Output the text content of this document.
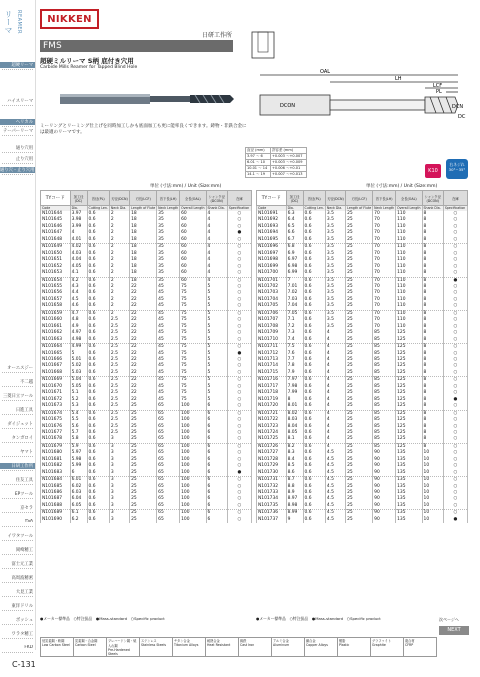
リーマ REAMER
超硬リーマ
ハイスリーマ
ヘリカル
テーパーリーマ
通り穴用
止り穴用
通り穴・止り穴用
オーエスジー
不二越
三菱日立ツール
日進工具
ダイジェット
タンガロイ
ヤマト
日研工作所
住友工具
EPツール
京セラ
YSA
イワタツール
岡崎精工
富士元工業
高周波精密
大見工業
東洋ドリル
ボッシュ
ワラタ精工
FKD
NIKKEN
日研工作所
FMS
超硬ミルリーマ S柄 底付き穴用
Carbide Mills Reamer for Tapped Blind Hole
OAL
LH
LCF
PL
DCON	DCN
DC
ミーリングとリーミング仕上げを同時加工しかも底面加工も更に能率良くできます。鋳物・非鉄合金には最適のリーマです。
直径 (mm)	許容差 (mm)
3.97 ～ 6	+0.003 ～+0.007
6.01 ～ 10	+0.003 ～+0.009
10.01 ～ 14	+0.006 ～+0.01
14.1 ～ 19	+0.007 ～+0.013	K10
右ネジれ
30°~35°
単位 (寸法:mm) / Unit (Size:mm)	単位 (寸法:mm) / Unit (Size:mm)
TYコード	加工径(DC)	首径(PL)	刃径(DCN)	刃長(LCF)	首下長(LH)	全長(OAL)	シャンク径(DCON)	在庫
Code	Dia.	Cutting Len.	Neck Dia.	Length of Flute	Neck Length	Overall Length	Shank Dia.	Specification
N101644	3.97	0.6	2	18	35	60	4	○
N101645	3.98	0.6	2	18	35	60	4	○
N101646	3.99	0.6	2	18	35	60	4	○
N101647	4	0.6	2	18	35	60	4	●
N101648	4.01	0.6	2	18	35	60	4	○
N101649	4.02	0.6	2	18	35	60	4	○
N101650	4.03	0.6	2	18	35	60	4	○
N101651	4.04	0.6	2	18	35	60	4	○
N101652	4.05	0.6	2	18	35	60	4	○
N101653	4.1	0.6	2	18	35	60	4	○
N101654	4.2	0.6	2	18	35	60	4	○
N101655	4.3	0.6	2	22	45	75	5	○
N101656	4.4	0.6	2	22	45	75	5	○
N101657	4.5	0.6	2	22	45	75	5	○
N101658	4.6	0.6	2	22	45	75	5	○
N101659	4.7	0.6	2	22	45	75	5	○
N101660	4.8	0.6	2.5	22	45	75	5	○
N101661	4.9	0.6	2.5	22	45	75	5	○
N101662	4.97	0.6	2.5	22	45	75	5	○
N101663	4.98	0.6	2.5	22	45	75	5	○
N101664	4.99	0.6	2.5	22	45	75	5	○
N101665	5	0.6	2.5	22	45	75	5	●
N101666	5.01	0.6	2.5	22	45	75	5	○
N101667	5.02	0.6	2.5	22	45	75	5	○
N101668	5.03	0.6	2.5	22	45	75	5	○
N101669	5.04	0.6	2.5	22	45	75	5	○
N101670	5.05	0.6	2.5	22	45	75	5	○
N101671	5.1	0.6	2.5	22	45	75	5	○
N101672	5.2	0.6	2.5	22	45	75	5	○
N101673	5.3	0.6	2.5	25	65	100	6	○
N101674	5.4	0.6	2.5	25	65	100	6	○
N101675	5.5	0.6	2.5	25	65	100	6	○
N101676	5.6	0.6	2.5	25	65	100	6	○
N101677	5.7	0.6	2.5	25	65	100	6	○
N101678	5.8	0.6	3	25	65	100	6	○
N101679	5.9	0.6	3	25	65	100	6	○
N101680	5.97	0.6	3	25	65	100	6	○
N101681	5.98	0.6	3	25	65	100	6	○
N101682	5.99	0.6	3	25	65	100	6	○
N101683	6	0.6	3	25	65	100	6	●
N101684	6.01	0.6	3	25	65	100	6	○
N101685	6.02	0.6	3	25	65	100	6	○
N101686	6.03	0.6	3	25	65	100	6	○
N101687	6.04	0.6	3	25	65	100	6	○
N101688	6.05	0.6	3	25	65	100	6	○
N101689	6.1	0.6	3	25	65	100	6	○
N101690	6.2	0.6	3	25	65	100	6	○
TYコード	加工径(DC)	首径(PL)	刃径(DCN)	刃長(LCF)	首下長(LH)	全長(OAL)	シャンク径(DCON)	在庫
Code	Dia.	Cutting Len.	Neck Dia.	Length of Flute	Neck Length	Overall Length	Shank Dia.	Specification
N101691	6.3	0.6	3.5	25	70	110	8	○
N101692	6.4	0.6	3.5	25	70	110	8	○
N101693	6.5	0.6	3.5	25	70	110	8	○
N101694	6.6	0.6	3.5	25	70	110	8	○
N101695	6.7	0.6	3.5	25	70	110	8	○
N101696	6.8	0.6	3.5	25	70	110	8	○
N101697	6.9	0.6	3.5	25	70	110	8	○
N101698	6.97	0.6	3.5	25	70	110	8	○
N101699	6.98	0.6	3.5	25	70	110	8	○
N101700	6.99	0.6	3.5	25	70	110	8	○
N101701	7	0.6	3.5	25	70	110	8	●
N101702	7.01	0.6	3.5	25	70	110	8	○
N101703	7.02	0.6	3.5	25	70	110	8	○
N101704	7.03	0.6	3.5	25	70	110	8	○
N101705	7.04	0.6	3.5	25	70	110	8	○
N101706	7.05	0.6	3.5	25	70	110	8	○
N101707	7.1	0.6	3.5	25	70	110	8	○
N101708	7.2	0.6	3.5	25	70	110	8	○
N101709	7.3	0.6	4	25	85	125	8	○
N101710	7.4	0.6	4	25	85	125	8	○
N101711	7.5	0.6	4	25	85	125	8	○
N101712	7.6	0.6	4	25	85	125	8	○
N101713	7.7	0.6	4	25	85	125	8	○
N101714	7.8	0.6	4	25	85	125	8	○
N101715	7.9	0.6	4	25	85	125	8	○
N101716	7.97	0.6	4	25	85	125	8	○
N101717	7.98	0.6	4	25	85	125	8	○
N101718	7.99	0.6	4	25	85	125	8	○
N101719	8	0.6	4	25	85	125	8	●
N101720	8.01	0.6	4	25	85	125	8	○
N101721	8.02	0.6	4	25	85	125	8	○
N101722	8.03	0.6	4	25	85	125	8	○
N101723	8.04	0.6	4	25	85	125	8	○
N101724	8.05	0.6	4	25	85	125	8	○
N101725	8.1	0.6	4	25	85	125	8	○
N101726	8.2	0.6	4	25	85	125	8	○
N101727	8.3	0.6	4.5	25	90	135	10	○
N101728	8.4	0.6	4.5	25	90	135	10	○
N101729	8.5	0.6	4.5	25	90	135	10	○
N101730	8.6	0.6	4.5	25	90	135	10	○
N101731	8.7	0.6	4.5	25	90	135	10	○
N101732	8.8	0.6	4.5	25	90	135	10	○
N101733	8.9	0.6	4.5	25	90	135	10	○
N101734	8.97	0.6	4.5	25	90	135	10	○
N101735	8.98	0.6	4.5	25	90	135	10	○
N101736	8.99	0.6	4.5	25	90	135	10	○
N101737	9	0.6	4.5	25	90	135	10	●
●メーカー標準品　○特注扱品　●Mass-standard　○Specific product	●メーカー標準品　○特注扱品　●Mass-standard　○Specific product	次ページへ
NEXT
低炭素鋼・軟鋼
Low Carbon Steel

炭素鋼・合金鋼
Carbon Steel

プレハードン鋼・焼入れ鋼
Pre-Hardened Steels

ステンレス
Stainless Steels

チタン合金
Titanium Alloys

耐熱合金
Heat Resistant

鋳鉄
Cast Iron

アルミ合金
Aluminum

銅合金
Copper Alloys

樹脂
Plastic

グラファイト
Graphite

複合材
CFRP
C-131
